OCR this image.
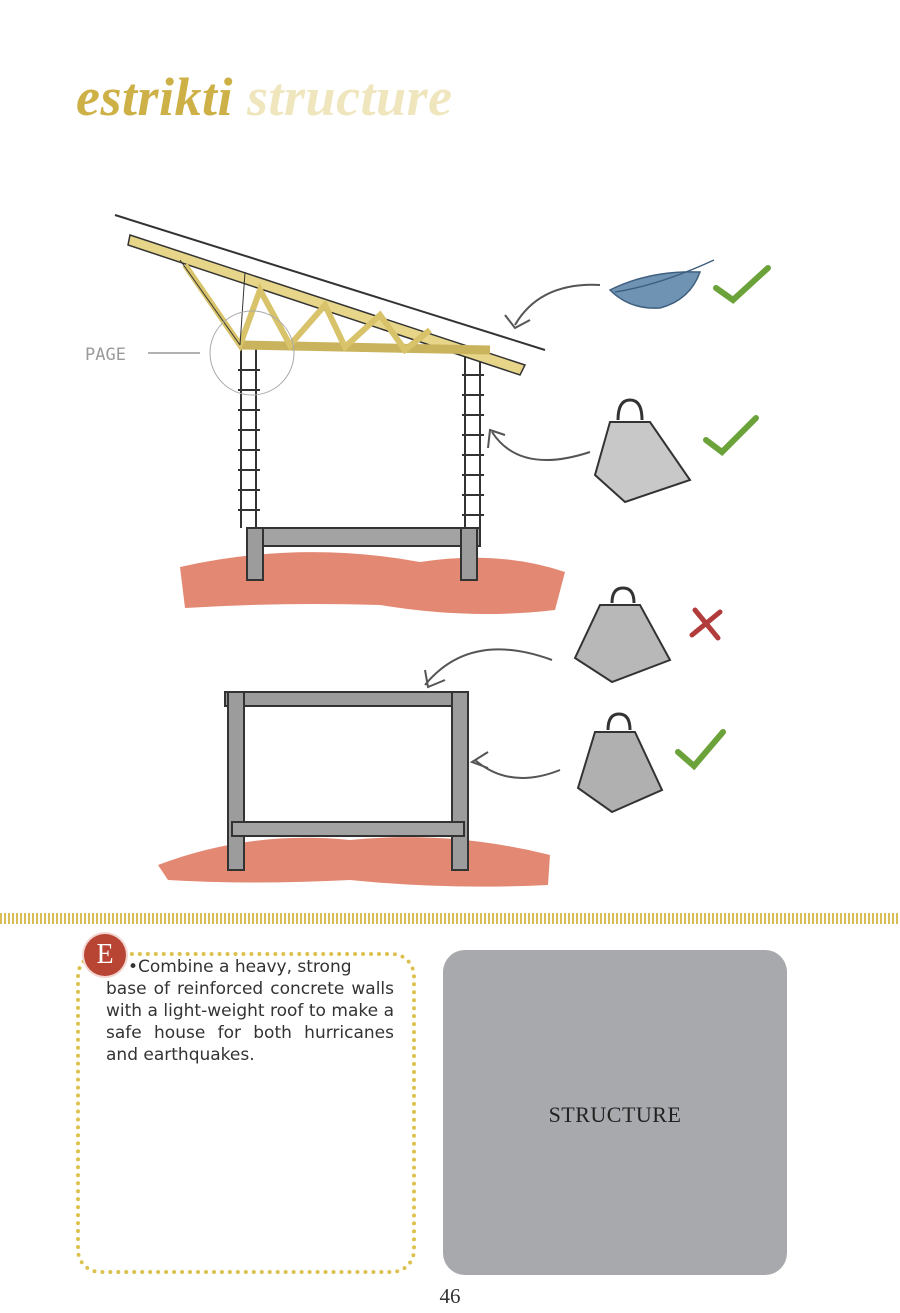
estrikti structure
PAGE
E •Combine a heavy, strong base of reinforced concrete walls with a light-weight roof to make a safe house for both hurricanes and earthquakes.

STRUCTURE
46
